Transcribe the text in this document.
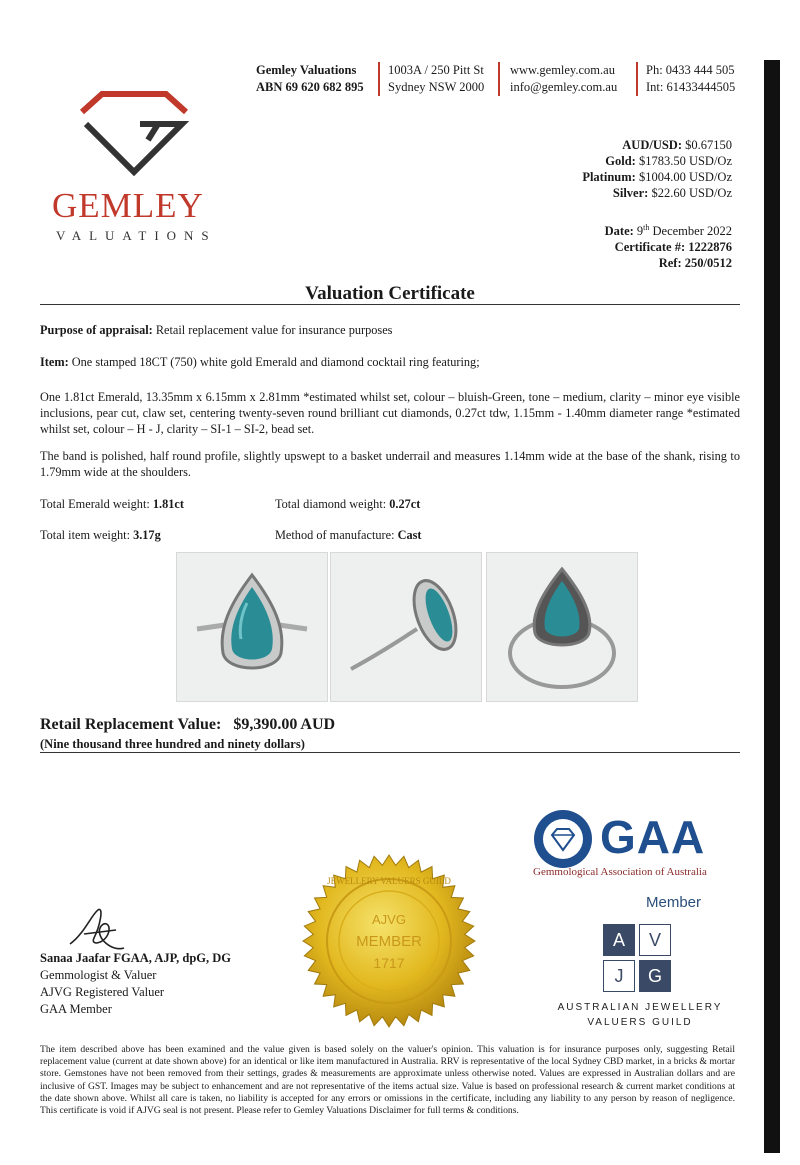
GEMLEY
VALUATIONS
Gemley Valuations
ABN 69 620 682 895
1003A / 250 Pitt St
Sydney NSW 2000
www.gemley.com.au
info@gemley.com.au
Ph: 0433 444 505
Int: 61433444505
AUD/USD: $0.67150
Gold: $1783.50 USD/Oz
Platinum: $1004.00 USD/Oz
Silver: $22.60 USD/Oz
Date: 9th December 2022
Certificate #: 1222876
Ref: 250/0512
Valuation Certificate
Purpose of appraisal: Retail replacement value for insurance purposes
Item: One stamped 18CT (750) white gold Emerald and diamond cocktail ring featuring;
One 1.81ct Emerald, 13.35mm x 6.15mm x 2.81mm *estimated whilst set, colour – bluish-Green, tone – medium, clarity – minor eye visible inclusions, pear cut, claw set, centering twenty-seven round brilliant cut diamonds, 0.27ct tdw, 1.15mm - 1.40mm diameter range *estimated whilst set, colour – H - J, clarity – SI-1 – SI-2, bead set.
The band is polished, half round profile, slightly upswept to a basket underrail and measures 1.14mm wide at the base of the shank, rising to 1.79mm wide at the shoulders.
Total Emerald weight: 1.81ct	Total diamond weight: 0.27ct
Total item weight: 3.17g	Method of manufacture: Cast
Retail Replacement Value: $9,390.00 AUD
(Nine thousand three hundred and ninety dollars)
GAA
Gemmological Association of Australia
Member
A	V
J	G
AUSTRALIAN JEWELLERY
VALUERS GUILD
JEWELLERY VALUERS GUILD
AJVG
MEMBER
1717
Sanaa Jaafar FGAA, AJP, dpG, DG
Gemmologist & Valuer
AJVG Registered Valuer
GAA Member
The item described above has been examined and the value given is based solely on the valuer's opinion. This valuation is for insurance purposes only, suggesting Retail replacement value (current at date shown above) for an identical or like item manufactured in Australia. RRV is representative of the local Sydney CBD market, in a bricks & mortar store. Gemstones have not been removed from their settings, grades & measurements are approximate unless otherwise noted. Values are expressed in Australian dollars and are inclusive of GST. Images may be subject to enhancement and are not representative of the items actual size. Value is based on professional research & current market conditions at the date shown above. Whilst all care is taken, no liability is accepted for any errors or omissions in the certificate, including any liability to any person by reason of negligence. This certificate is void if AJVG seal is not present. Please refer to Gemley Valuations Disclaimer for full terms & conditions.
